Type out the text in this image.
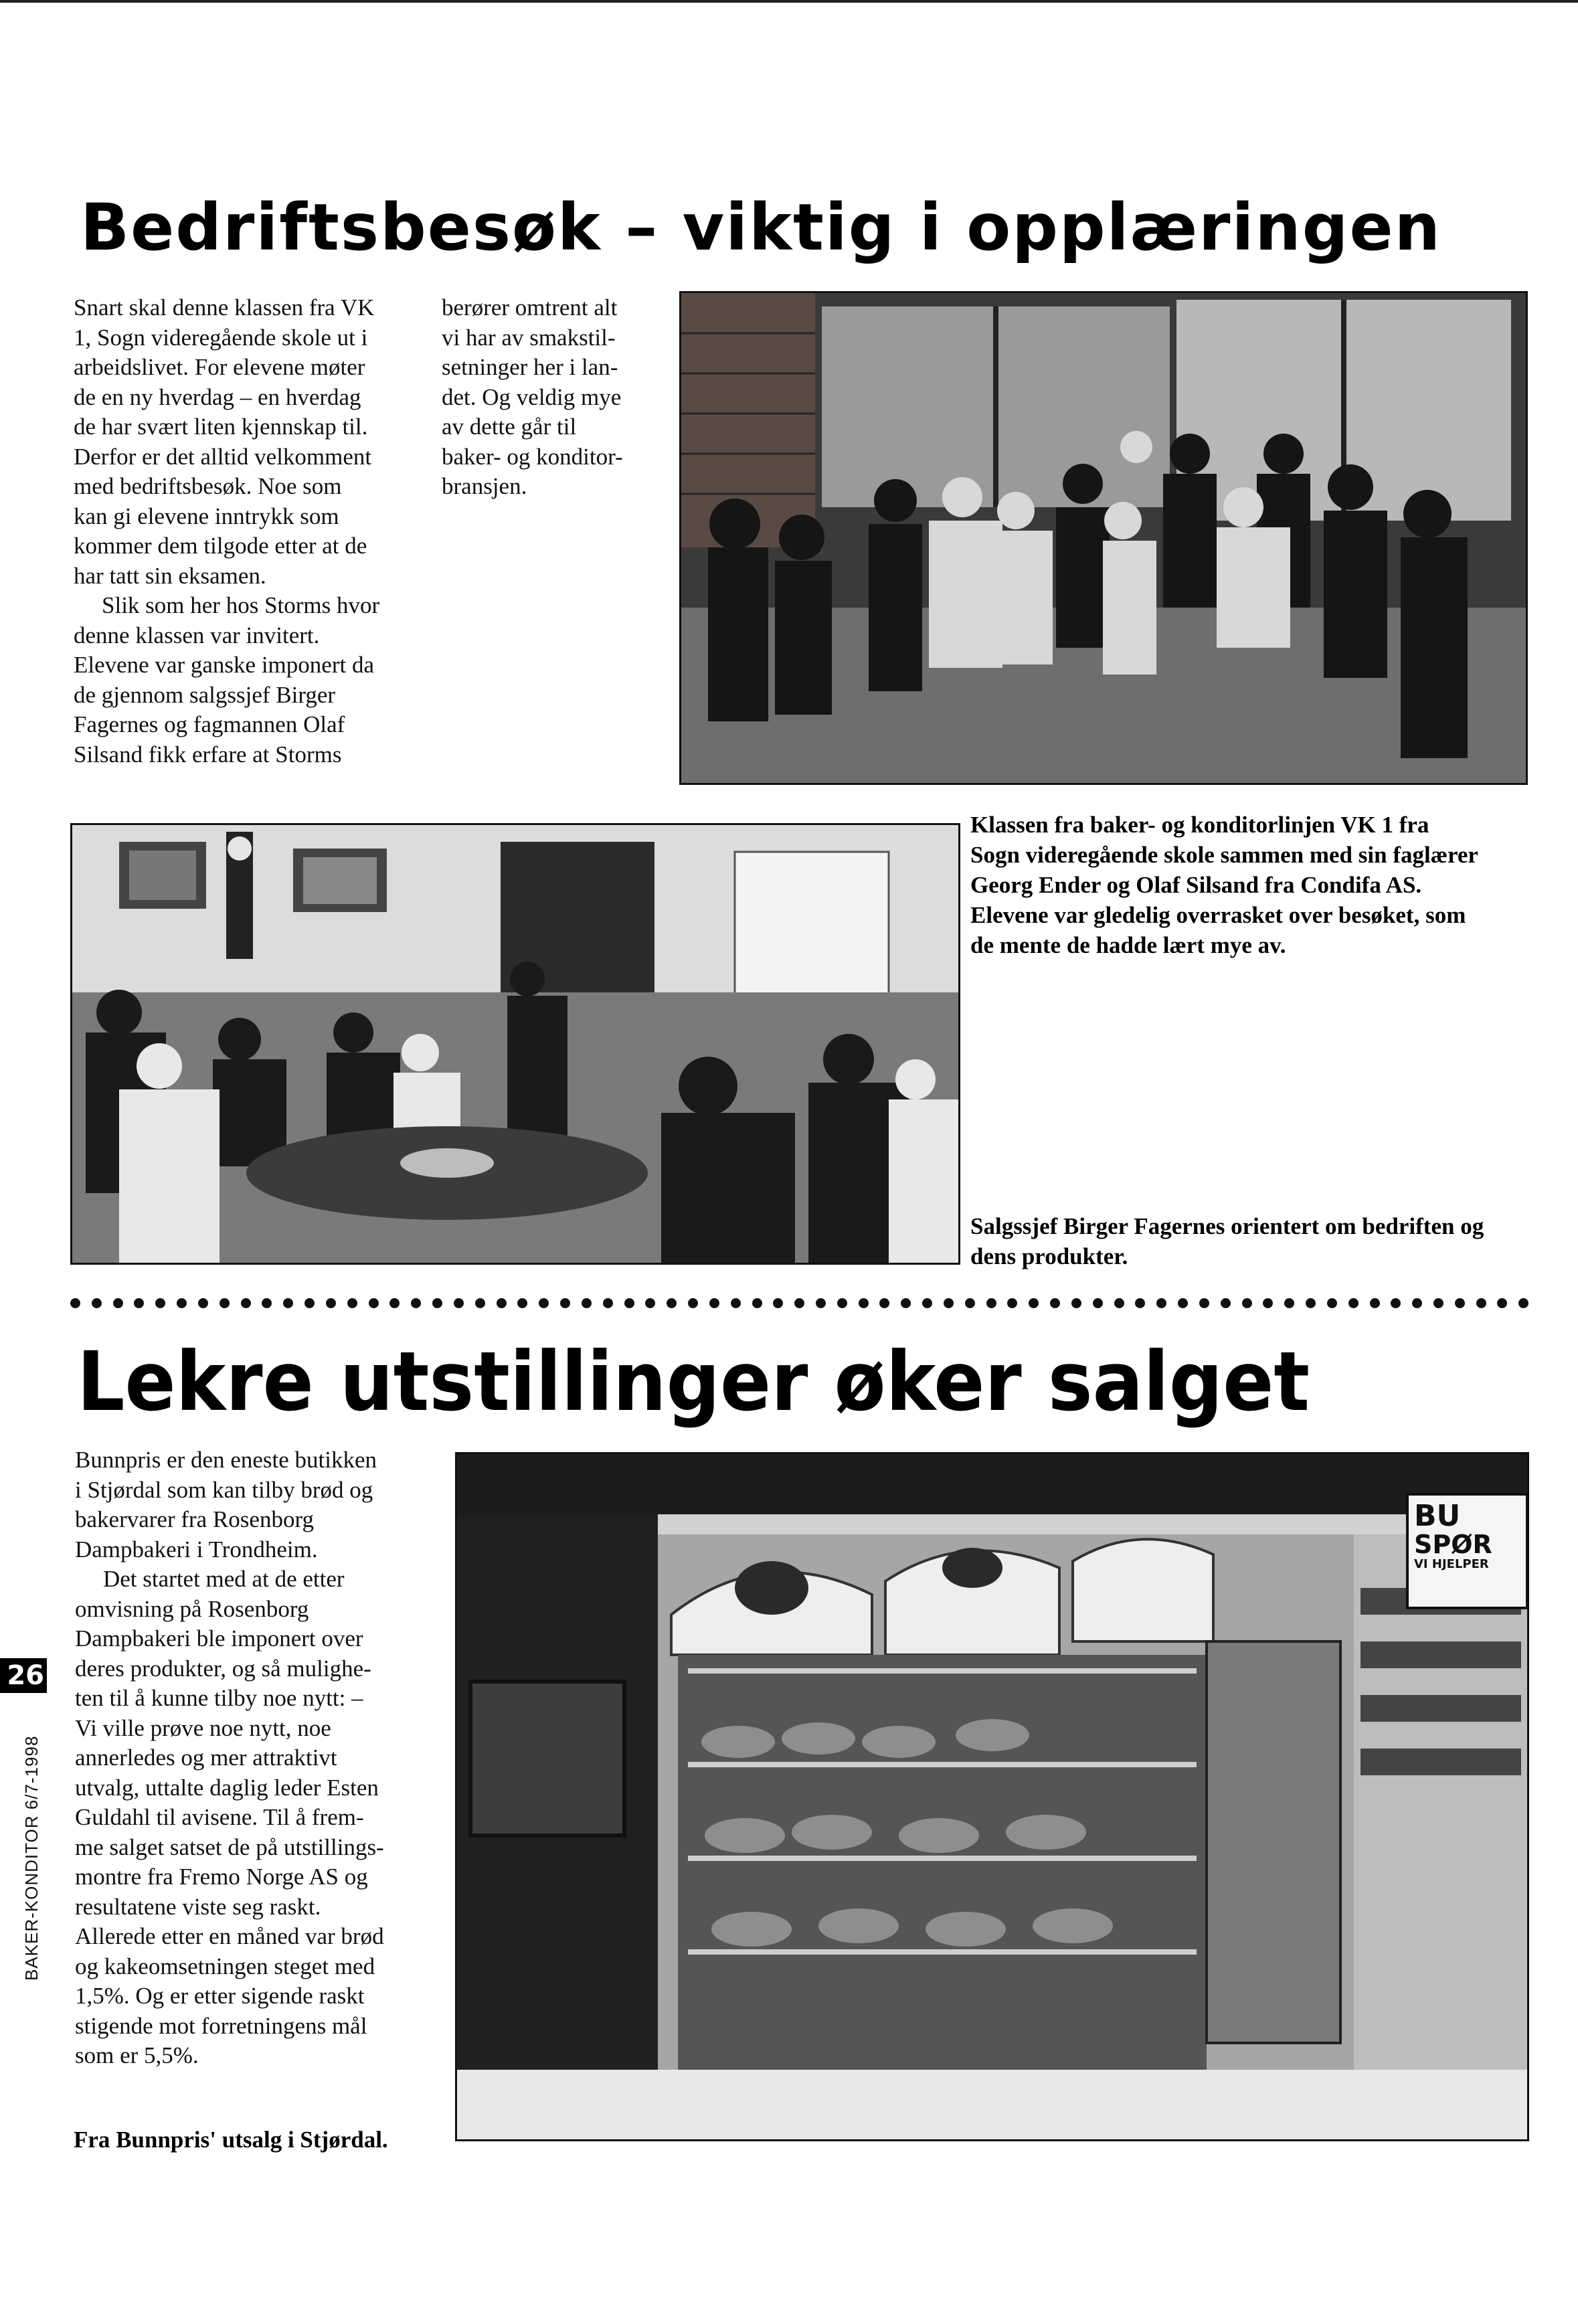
Bedriftsbesøk – viktig i opplæringen

Snart skal denne klassen fra VK
1, Sogn videregående skole ut i
arbeidslivet. For elevene møter
de en ny hverdag – en hverdag
de har svært liten kjennskap til.
Derfor er det alltid velkomment
med bedriftsbesøk. Noe som
kan gi elevene inntrykk som
kommer dem tilgode etter at de
har tatt sin eksamen.

Slik som her hos Storms hvor
denne klassen var invitert.
Elevene var ganske imponert da
de gjennom salgssjef Birger
Fagernes og fagmannen Olaf
Silsand fikk erfare at Storms

berører omtrent alt
vi har av smakstil-
setninger her i lan-
det. Og veldig mye
av dette går til
baker- og konditor-
bransjen.

Klassen fra baker- og konditorlinjen VK 1 fra
Sogn videregående skole sammen med sin faglærer
Georg Ender og Olaf Silsand fra Condifa AS.
Elevene var gledelig overrasket over besøket, som
de mente de hadde lært mye av.
Salgssjef Birger Fagernes orientert om bedriften og
dens produkter.
Lekre utstillinger øker salget

Bunnpris er den eneste butikken
i Stjørdal som kan tilby brød og
bakervarer fra Rosenborg
Dampbakeri i Trondheim.

Det startet med at de etter
omvisning på Rosenborg
Dampbakeri ble imponert over
deres produkter, og så mulighe-
ten til å kunne tilby noe nytt: –
Vi ville prøve noe nytt, noe
annerledes og mer attraktivt
utvalg, uttalte daglig leder Esten
Guldahl til avisene. Til å frem-
me salget satset de på utstillings-
montre fra Fremo Norge AS og
resultatene viste seg raskt.
Allerede etter en måned var brød
og kakeomsetningen steget med
1,5%. Og er etter sigende raskt
stigende mot forretningens mål
som er 5,5%.

BU
SPØR
VI HJELPER
Fra Bunnpris' utsalg i Stjørdal.
26
BAKER-KONDITOR 6/7-1998
